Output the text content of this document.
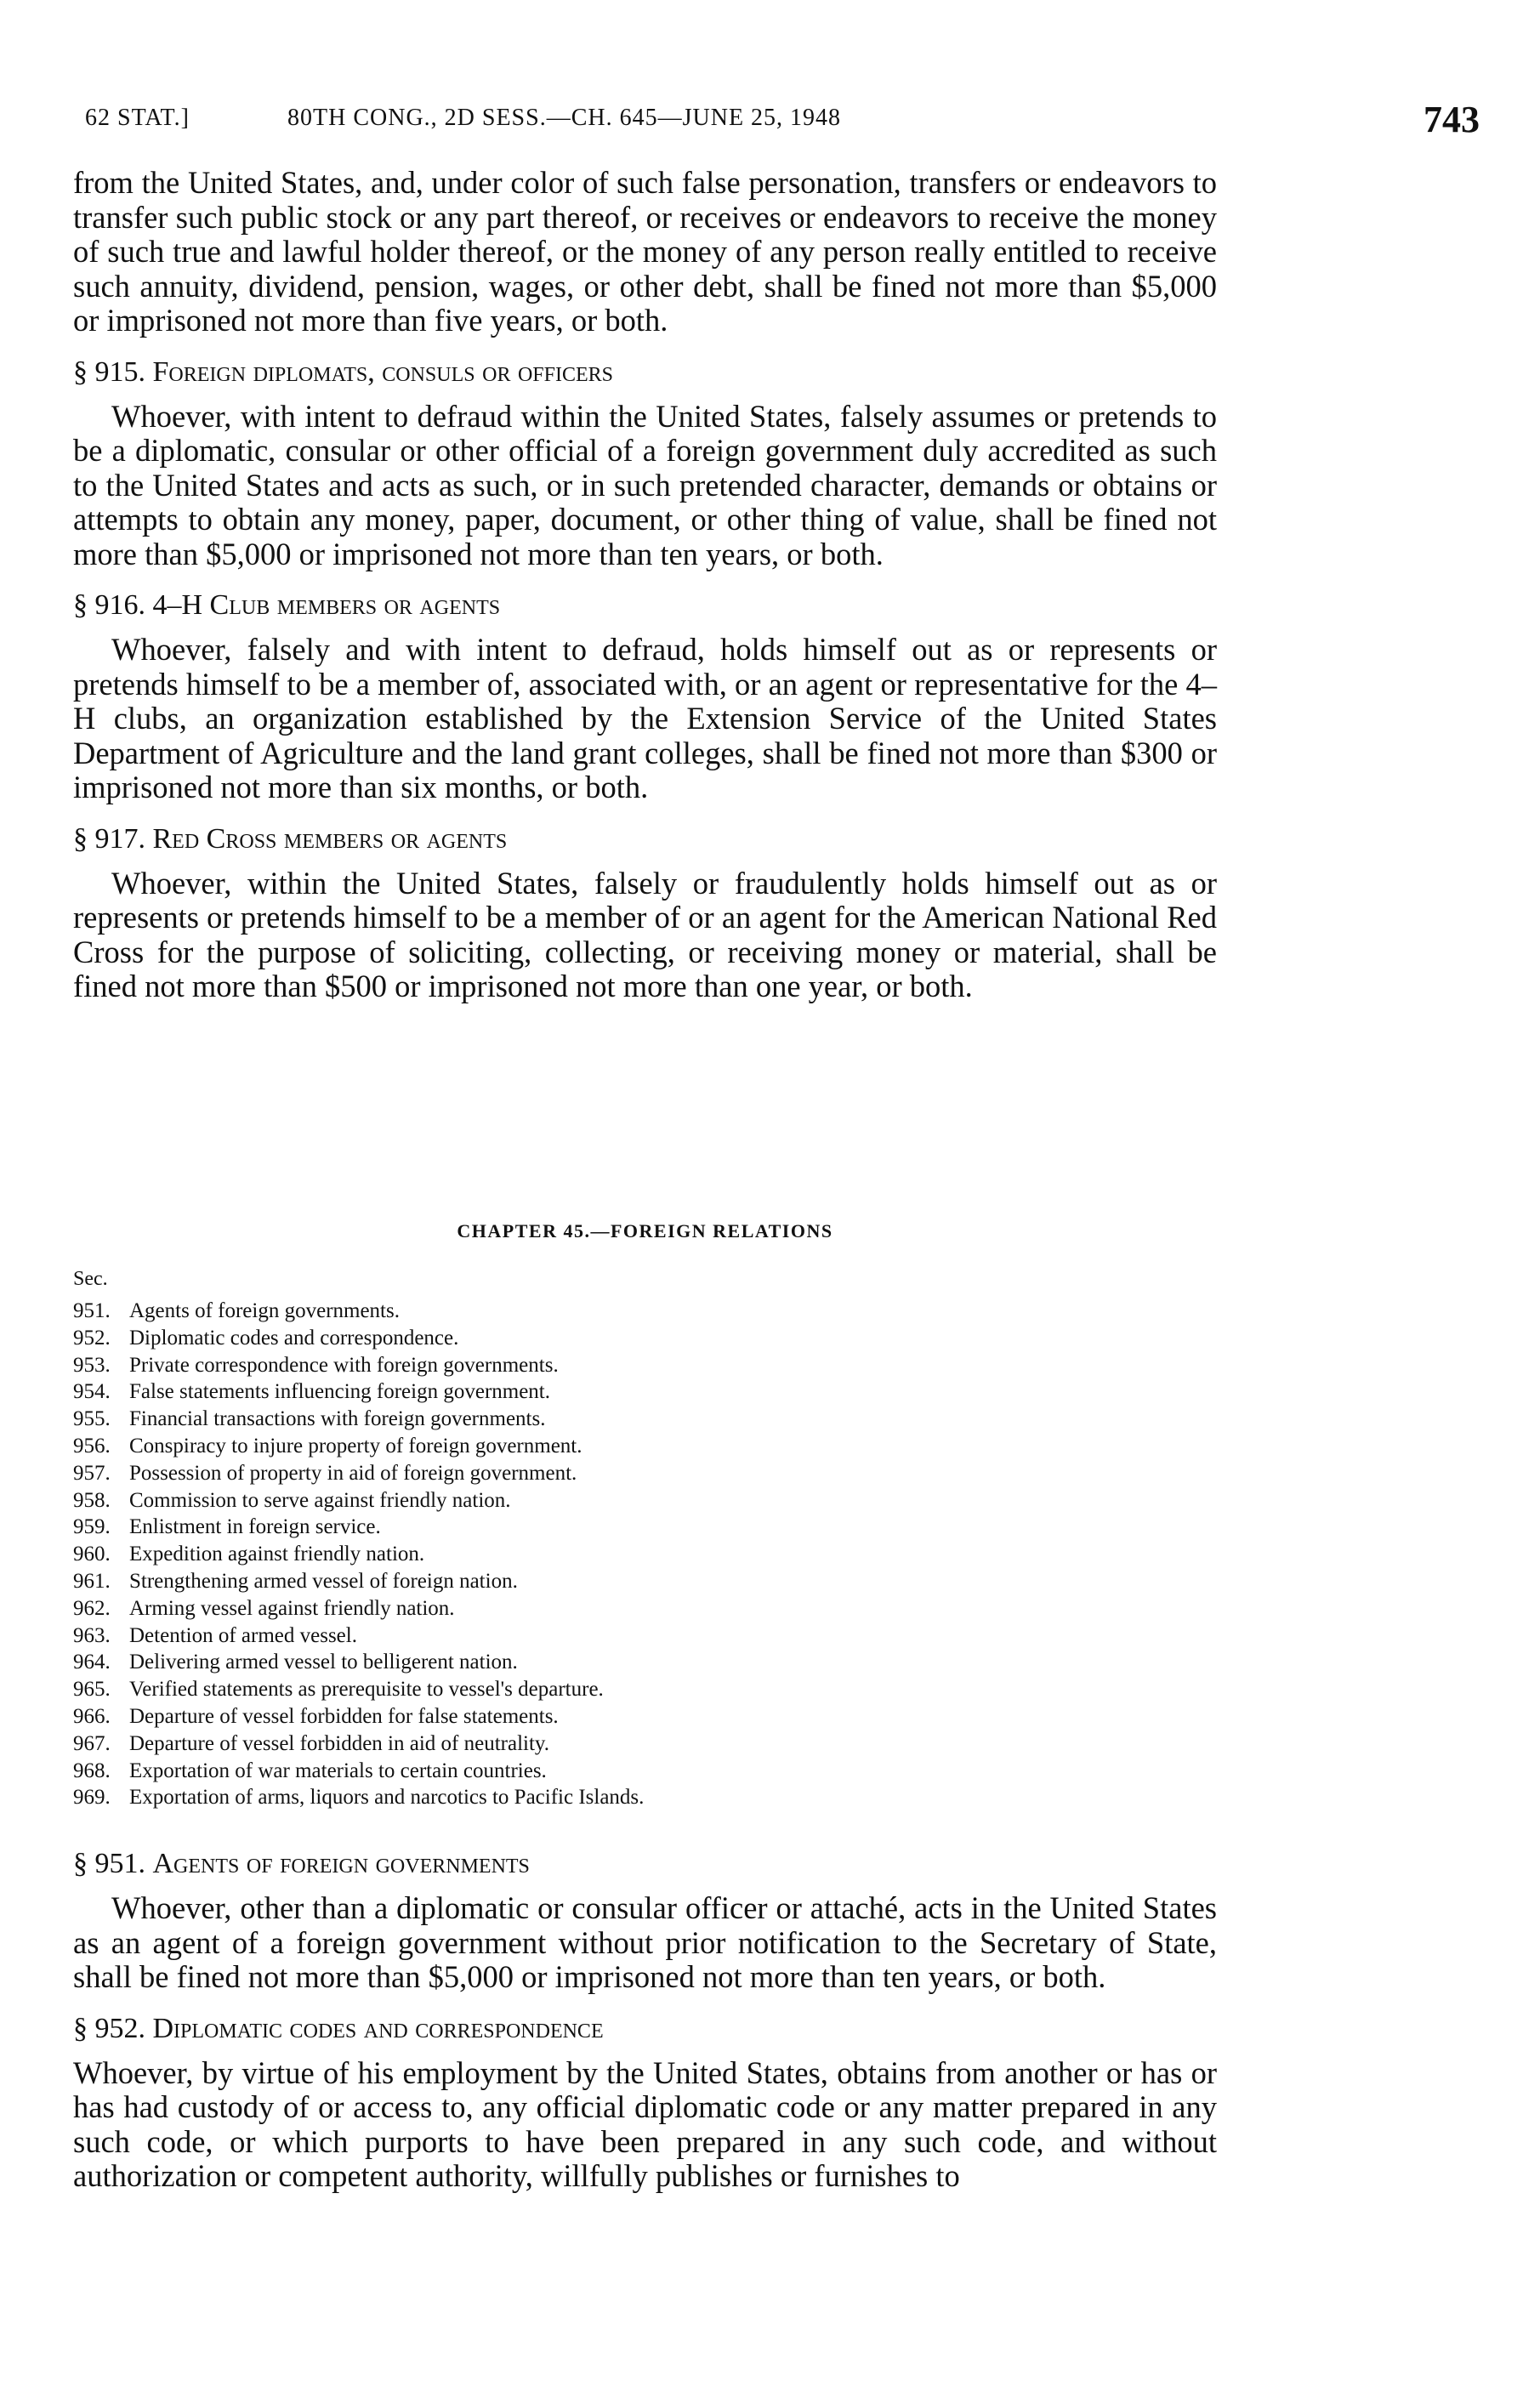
62 STAT.]	80TH CONG., 2D SESS.—CH. 645—JUNE 25, 1948	743

from the United States, and, under color of such false personation, transfers or endeavors to transfer such public stock or any part thereof, or receives or endeavors to receive the money of such true and lawful holder thereof, or the money of any person really entitled to receive such annuity, dividend, pension, wages, or other debt, shall be fined not more than $5,000 or imprisoned not more than five years, or both.

§ 915. Foreign diplomats, consuls or officers

Whoever, with intent to defraud within the United States, falsely assumes or pretends to be a diplomatic, consular or other official of a foreign government duly accredited as such to the United States and acts as such, or in such pretended character, demands or obtains or attempts to obtain any money, paper, document, or other thing of value, shall be fined not more than $5,000 or imprisoned not more than ten years, or both.

§ 916. 4–H Club members or agents

Whoever, falsely and with intent to defraud, holds himself out as or represents or pretends himself to be a member of, associated with, or an agent or representative for the 4–H clubs, an organization established by the Extension Service of the United States Department of Agriculture and the land grant colleges, shall be fined not more than $300 or imprisoned not more than six months, or both.

§ 917. Red Cross members or agents

Whoever, within the United States, falsely or fraudulently holds himself out as or represents or pretends himself to be a member of or an agent for the American National Red Cross for the purpose of soliciting, collecting, or receiving money or material, shall be fined not more than $500 or imprisoned not more than one year, or both.

CHAPTER 45.—FOREIGN RELATIONS
Sec.
951. Agents of foreign governments.
952. Diplomatic codes and correspondence.
953. Private correspondence with foreign governments.
954. False statements influencing foreign government.
955. Financial transactions with foreign governments.
956. Conspiracy to injure property of foreign government.
957. Possession of property in aid of foreign government.
958. Commission to serve against friendly nation.
959. Enlistment in foreign service.
960. Expedition against friendly nation.
961. Strengthening armed vessel of foreign nation.
962. Arming vessel against friendly nation.
963. Detention of armed vessel.
964. Delivering armed vessel to belligerent nation.
965. Verified statements as prerequisite to vessel's departure.
966. Departure of vessel forbidden for false statements.
967. Departure of vessel forbidden in aid of neutrality.
968. Exportation of war materials to certain countries.
969. Exportation of arms, liquors and narcotics to Pacific Islands.
§ 951. Agents of foreign governments

Whoever, other than a diplomatic or consular officer or attaché, acts in the United States as an agent of a foreign government without prior notification to the Secretary of State, shall be fined not more than $5,000 or imprisoned not more than ten years, or both.

§ 952. Diplomatic codes and correspondence

Whoever, by virtue of his employment by the United States, obtains from another or has or has had custody of or access to, any official diplomatic code or any matter prepared in any such code, or which purports to have been prepared in any such code, and without authorization or competent authority, willfully publishes or furnishes to
